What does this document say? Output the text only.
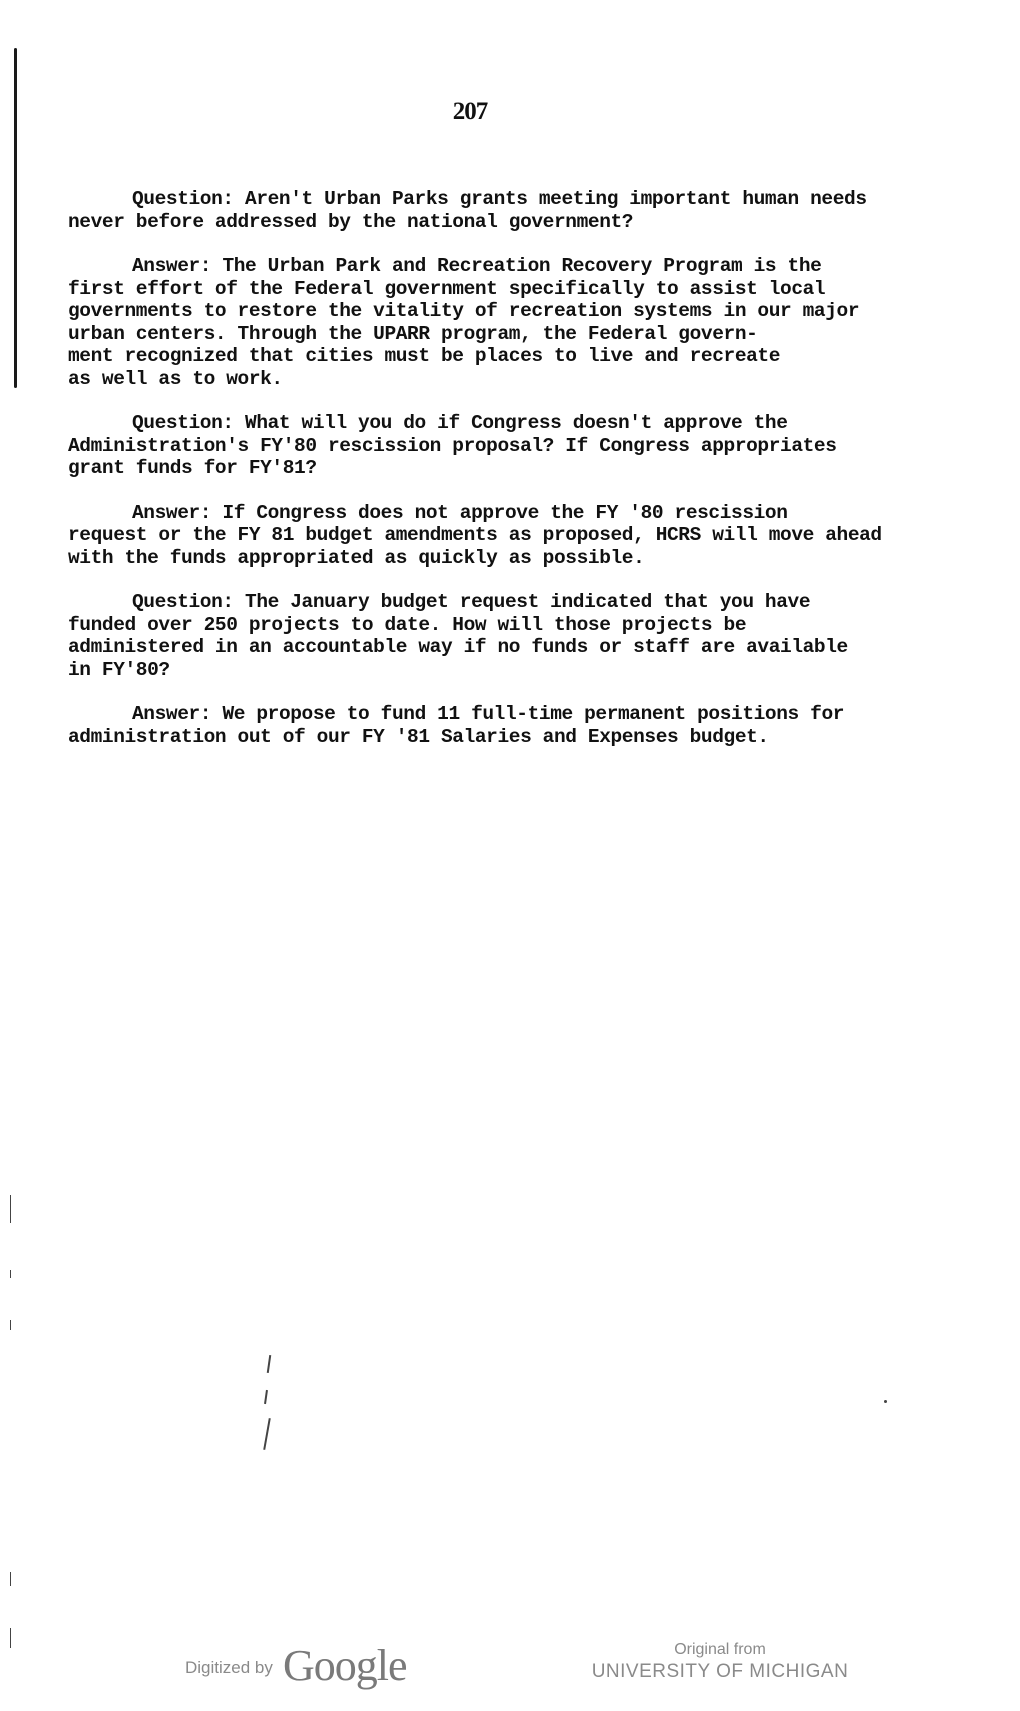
207

Question: Aren't Urban Parks grants meeting important human needs
never before addressed by the national government?

Answer: The Urban Park and Recreation Recovery Program is the
first effort of the Federal government specifically to assist local
governments to restore the vitality of recreation systems in our major
urban centers. Through the UPARR program, the Federal govern-
ment recognized that cities must be places to live and recreate
as well as to work.

Question: What will you do if Congress doesn't approve the
Administration's FY'80 rescission proposal? If Congress appropriates
grant funds for FY'81?

Answer: If Congress does not approve the FY '80 rescission
request or the FY 81 budget amendments as proposed, HCRS will move ahead
with the funds appropriated as quickly as possible.

Question: The January budget request indicated that you have
funded over 250 projects to date. How will those projects be
administered in an accountable way if no funds or staff are available
in FY'80?

Answer: We propose to fund 11 full-time permanent positions for
administration out of our FY '81 Salaries and Expenses budget.

Digitized by Google	Original from
UNIVERSITY OF MICHIGAN
